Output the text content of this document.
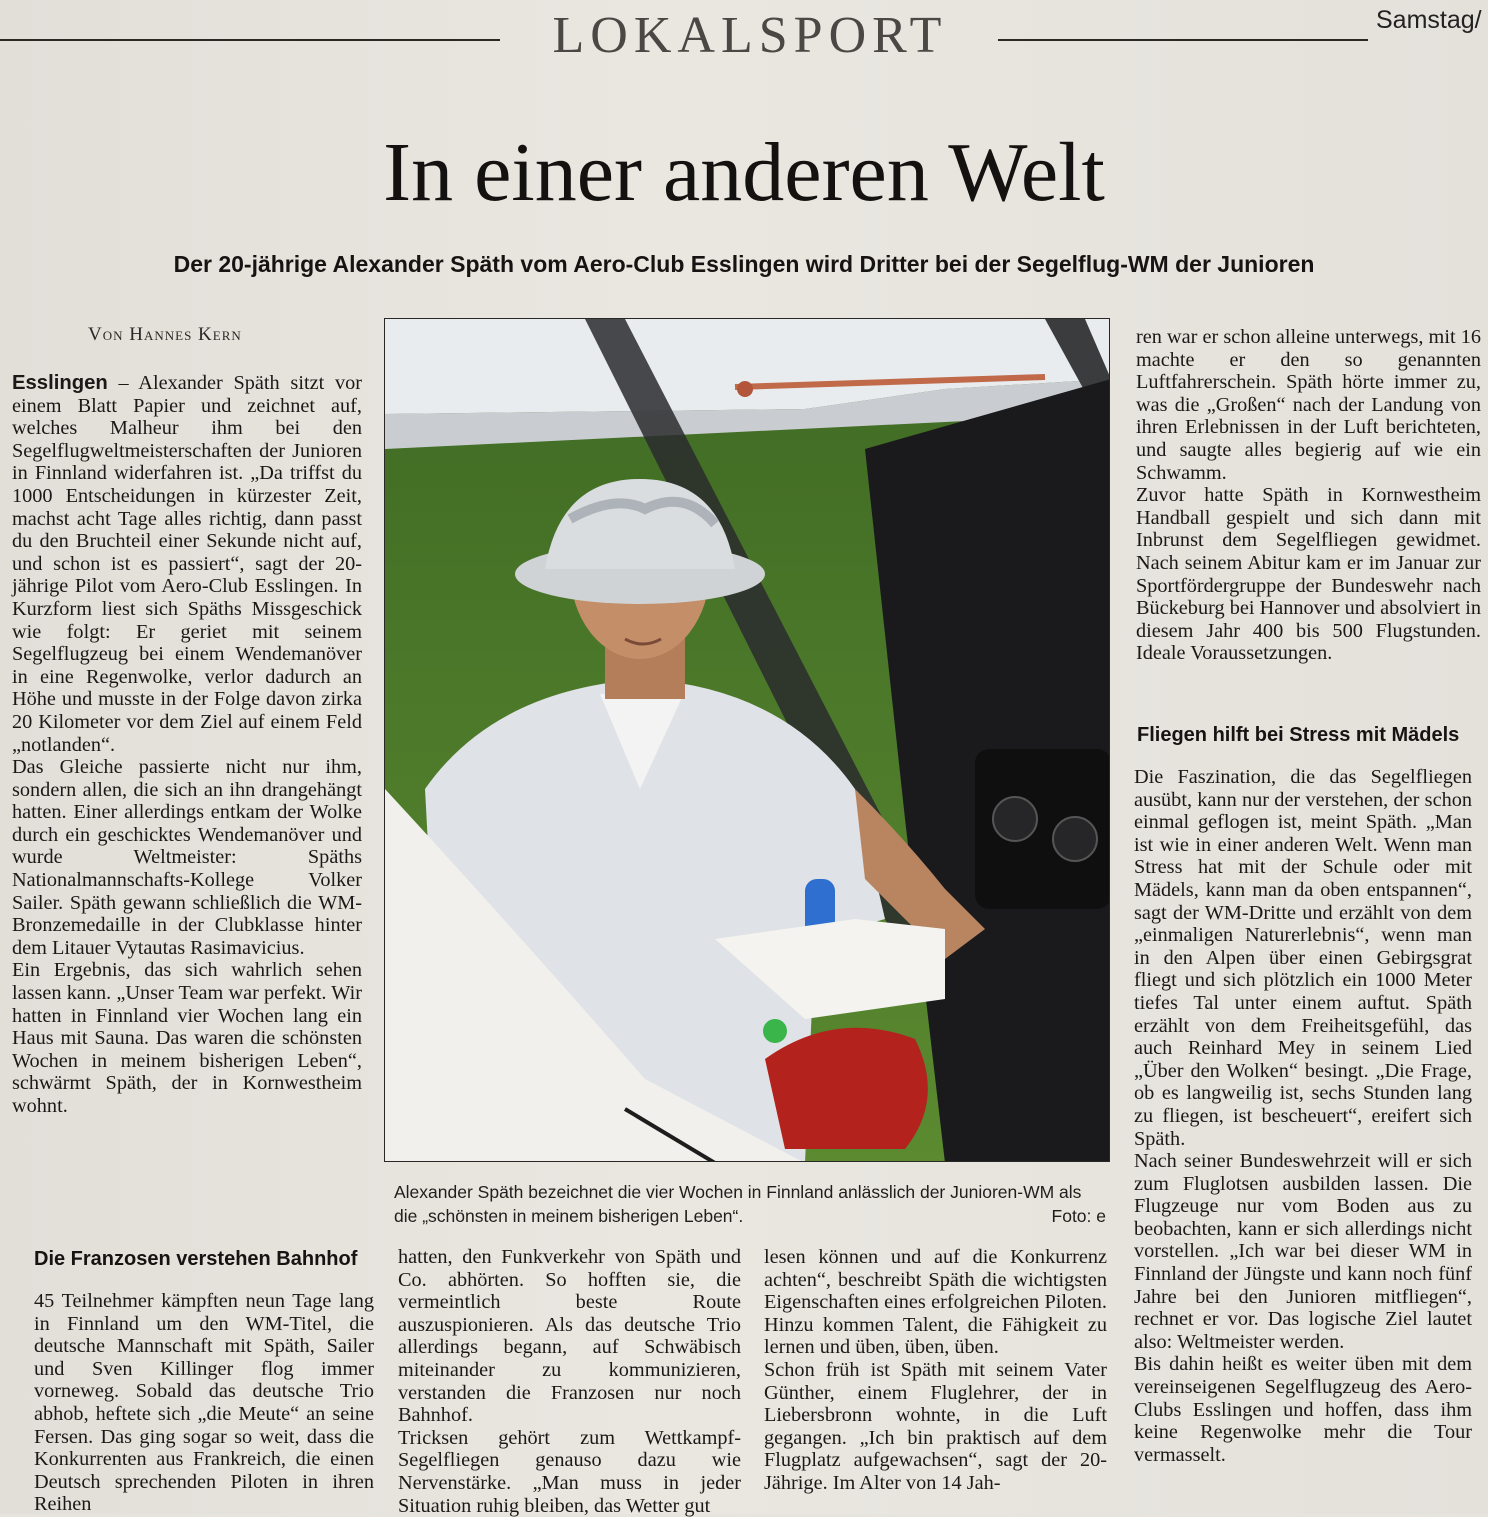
LOKALSPORT	Samstag/
In einer anderen Welt
Der 20-jährige Alexander Späth vom Aero-Club Esslingen wird Dritter bei der Segelflug-WM der Junioren
Von Hannes Kern

Esslingen – Alexander Späth sitzt vor einem Blatt Papier und zeichnet auf, welches Malheur ihm bei den Segelflugweltmeisterschaften der Junioren in Finnland widerfahren ist. „Da triffst du 1000 Entscheidungen in kürzester Zeit, machst acht Tage alles richtig, dann passt du den Bruchteil einer Sekunde nicht auf, und schon ist es passiert“, sagt der 20-jährige Pilot vom Aero-Club Esslingen. In Kurzform liest sich Späths Missgeschick wie folgt: Er geriet mit seinem Segelflugzeug bei einem Wendemanöver in eine Regenwolke, verlor dadurch an Höhe und musste in der Folge davon zirka 20 Kilometer vor dem Ziel auf einem Feld „notlanden“.

Das Gleiche passierte nicht nur ihm, sondern allen, die sich an ihn drangehängt hatten. Einer allerdings entkam der Wolke durch ein geschicktes Wendemanöver und wurde Weltmeister: Späths Nationalmannschafts-Kollege Volker Sailer. Späth gewann schließlich die WM-Bronzemedaille in der Clubklasse hinter dem Litauer Vytautas Rasimavicius.

Ein Ergebnis, das sich wahrlich sehen lassen kann. „Unser Team war perfekt. Wir hatten in Finnland vier Wochen lang ein Haus mit Sauna. Das waren die schönsten Wochen in meinem bisherigen Leben“, schwärmt Späth, der in Kornwestheim wohnt.

Die Franzosen verstehen Bahnhof

45 Teilnehmer kämpften neun Tage lang in Finnland um den WM-Titel, die deutsche Mannschaft mit Späth, Sailer und Sven Killinger flog immer vorneweg. Sobald das deutsche Trio abhob, heftete sich „die Meute“ an seine Fersen. Das ging sogar so weit, dass die Konkurrenten aus Frankreich, die einen Deutsch sprechenden Piloten in ihren Reihen

Alexander Späth bezeichnet die vier Wochen in Finnland anlässlich der Junioren-WM als die „schönsten in meinem bisherigen Leben“.	Foto: e

hatten, den Funkverkehr von Späth und Co. abhörten. So hofften sie, die vermeintlich beste Route auszuspionieren. Als das deutsche Trio allerdings begann, auf Schwäbisch miteinander zu kommunizieren, verstanden die Franzosen nur noch Bahnhof.

Tricksen gehört zum Wettkampf-Segelfliegen genauso dazu wie Nervenstärke. „Man muss in jeder Situation ruhig bleiben, das Wetter gut

lesen können und auf die Konkurrenz achten“, beschreibt Späth die wichtigsten Eigenschaften eines erfolgreichen Piloten. Hinzu kommen Talent, die Fähigkeit zu lernen und üben, üben, üben.

Schon früh ist Späth mit seinem Vater Günther, einem Fluglehrer, der in Liebersbronn wohnte, in die Luft gegangen. „Ich bin praktisch auf dem Flugplatz aufgewachsen“, sagt der 20-Jährige. Im Alter von 14 Jah-

ren war er schon alleine unterwegs, mit 16 machte er den so genannten Luftfahrerschein. Späth hörte immer zu, was die „Großen“ nach der Landung von ihren Erlebnissen in der Luft berichteten, und saugte alles begierig auf wie ein Schwamm.

Zuvor hatte Späth in Kornwestheim Handball gespielt und sich dann mit Inbrunst dem Segelfliegen gewidmet. Nach seinem Abitur kam er im Januar zur Sportfördergruppe der Bundeswehr nach Bückeburg bei Hannover und absolviert in diesem Jahr 400 bis 500 Flugstunden. Ideale Voraussetzungen.

Fliegen hilft bei Stress mit Mädels

Die Faszination, die das Segelfliegen ausübt, kann nur der verstehen, der schon einmal geflogen ist, meint Späth. „Man ist wie in einer anderen Welt. Wenn man Stress hat mit der Schule oder mit Mädels, kann man da oben entspannen“, sagt der WM-Dritte und erzählt von dem „einmaligen Naturerlebnis“, wenn man in den Alpen über einen Gebirgsgrat fliegt und sich plötzlich ein 1000 Meter tiefes Tal unter einem auftut. Späth erzählt von dem Freiheitsgefühl, das auch Reinhard Mey in seinem Lied „Über den Wolken“ besingt. „Die Frage, ob es langweilig ist, sechs Stunden lang zu fliegen, ist bescheuert“, ereifert sich Späth.

Nach seiner Bundeswehrzeit will er sich zum Fluglotsen ausbilden lassen. Die Flugzeuge nur vom Boden aus zu beobachten, kann er sich allerdings nicht vorstellen. „Ich war bei dieser WM in Finnland der Jüngste und kann noch fünf Jahre bei den Junioren mitfliegen“, rechnet er vor. Das logische Ziel lautet also: Weltmeister werden.

Bis dahin heißt es weiter üben mit dem vereinseigenen Segelflugzeug des Aero-Clubs Esslingen und hoffen, dass ihm keine Regenwolke mehr die Tour vermasselt.
